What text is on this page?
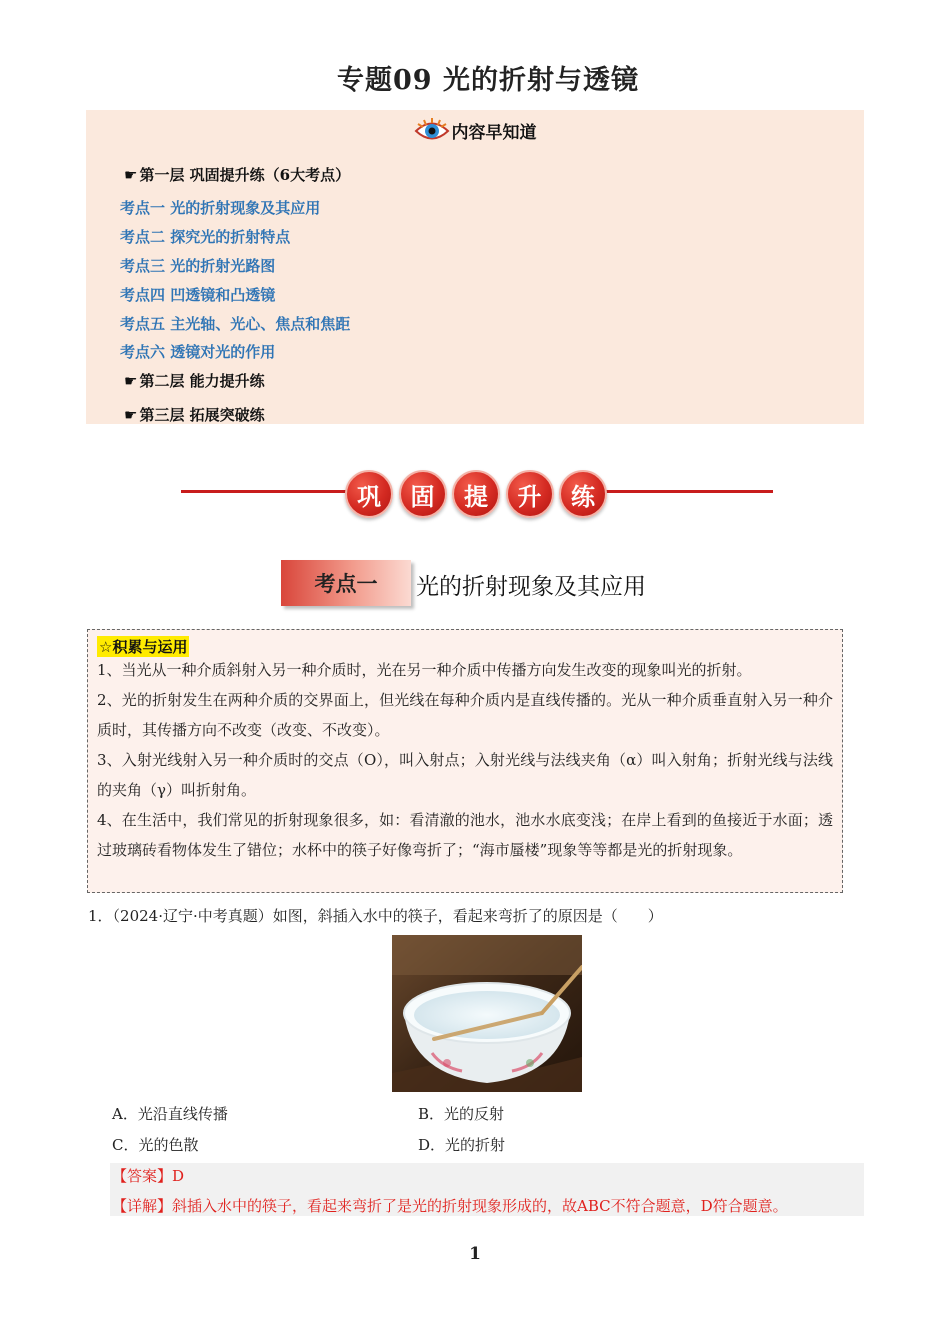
专题09 光的折射与透镜
内容早知道
☛ 第一层 巩固提升练（6大考点）
考点一 光的折射现象及其应用
考点二 探究光的折射特点
考点三 光的折射光路图
考点四 凹透镜和凸透镜
考点五 主光轴、光心、焦点和焦距
考点六 透镜对光的作用
☛ 第二层 能力提升练
☛ 第三层 拓展突破练
巩	固	提	升	练
考点一	光的折射现象及其应用
☆积累与运用

1、当光从一种介质斜射入另一种介质时，光在另一种介质中传播方向发生改变的现象叫光的折射。

2、光的折射发生在两种介质的交界面上，但光线在每种介质内是直线传播的。光从一种介质垂直射入另一种介质时，其传播方向不改变（改变、不改变）。

3、入射光线射入另一种介质时的交点（O），叫入射点；入射光线与法线夹角（α）叫入射角；折射光线与法线的夹角（γ）叫折射角。

4、在生活中，我们常见的折射现象很多，如：看清澈的池水，池水水底变浅；在岸上看到的鱼接近于水面；透过玻璃砖看物体发生了错位；水杯中的筷子好像弯折了；“海市蜃楼”现象等等都是光的折射现象。

1．（2024·辽宁·中考真题）如图，斜插入水中的筷子，看起来弯折了的原因是（　　）
A．光沿直线传播	B．光的反射
C．光的色散	D．光的折射
【答案】D
【详解】斜插入水中的筷子，看起来弯折了是光的折射现象形成的，故ABC不符合题意，D符合题意。
1
